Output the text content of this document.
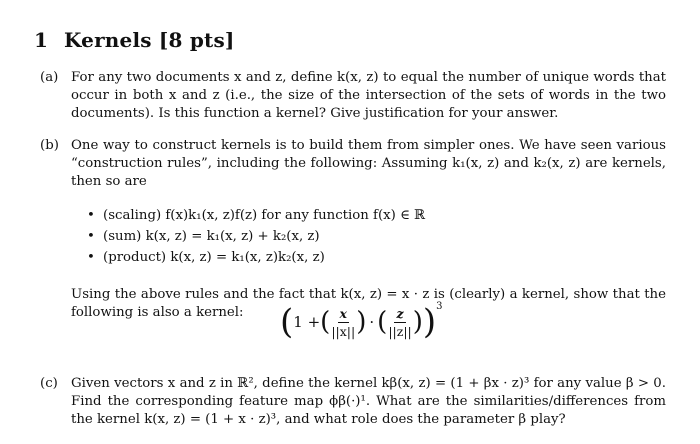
1 Kernels [8 pts]
(a) For any two documents x and z, define k(x, z) to equal the number of unique words that occur in both x and z (i.e., the size of the intersection of the sets of words in the two documents). Is this function a kernel? Give justification for your answer.

(b) One way to construct kernels is to build them from simpler ones. We have seen various “construction rules”, including the following: Assuming k₁(x, z) and k₂(x, z) are kernels, then so are

• (scaling) f(x)k₁(x, z)f(z) for any function f(x) ∈ ℝ
• (sum) k(x, z) = k₁(x, z) + k₂(x, z)
• (product) k(x, z) = k₁(x, z)k₂(x, z)

Using the above rules and the fact that k(x, z) = x · z is (clearly) a kernel, show that the following is also a kernel:	( 1 + ( $\frac{x}{||x||}$ ) · ( $\frac{z}{||z||}$ ) ) 3
(c) Given vectors x and z in ℝ², define the kernel kβ(x, z) = (1 + βx · z)³ for any value β > 0. Find the corresponding feature map ϕβ(·)¹. What are the similarities/differences from the kernel k(x, z) = (1 + x · z)³, and what role does the parameter β play?
